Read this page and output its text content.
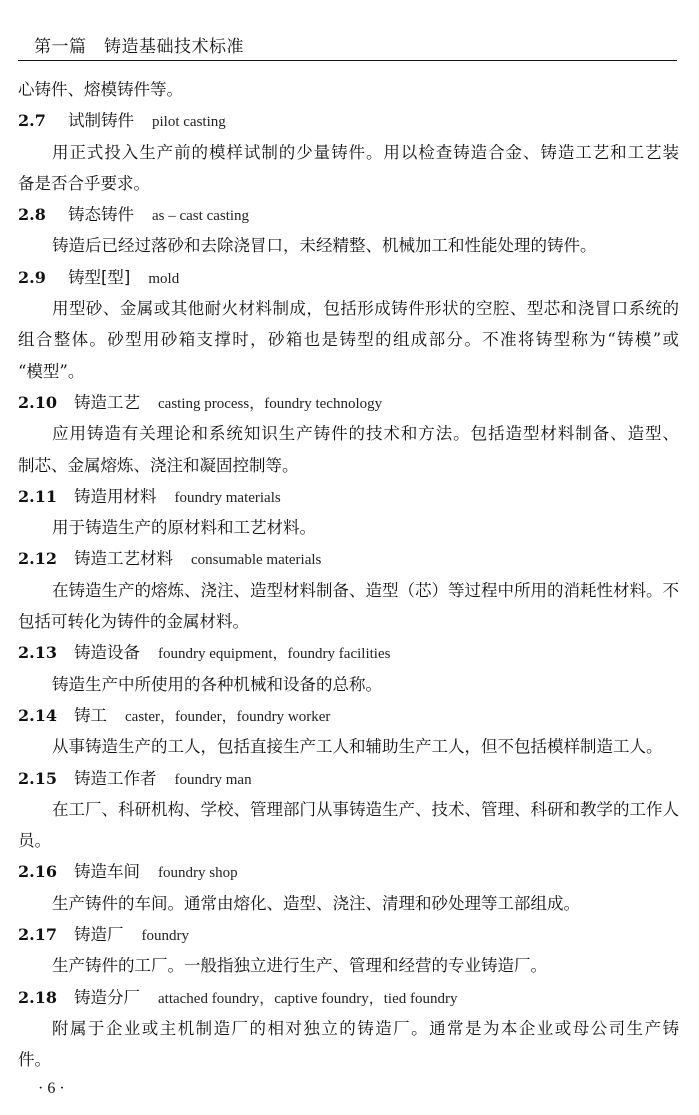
第一篇　铸造基础技术标准
心铸件、熔模铸件等。
2.7 试制铸件 pilot casting
用正式投入生产前的模样试制的少量铸件。用以检查铸造合金、铸造工艺和工艺装
备是否合乎要求。
2.8 铸态铸件 as – cast casting
铸造后已经过落砂和去除浇冒口，未经精整、机械加工和性能处理的铸件。
2.9 铸型[型] mold
用型砂、金属或其他耐火材料制成，包括形成铸件形状的空腔、型芯和浇冒口系统的
组合整体。砂型用砂箱支撑时，砂箱也是铸型的组成部分。不准将铸型称为“铸模”或
“模型”。
2.10 铸造工艺 casting process，foundry technology
应用铸造有关理论和系统知识生产铸件的技术和方法。包括造型材料制备、造型、
制芯、金属熔炼、浇注和凝固控制等。
2.11 铸造用材料 foundry materials
用于铸造生产的原材料和工艺材料。
2.12 铸造工艺材料 consumable materials
在铸造生产的熔炼、浇注、造型材料制备、造型（芯）等过程中所用的消耗性材料。不
包括可转化为铸件的金属材料。
2.13 铸造设备 foundry equipment，foundry facilities
铸造生产中所使用的各种机械和设备的总称。
2.14 铸工 caster，founder，foundry worker
从事铸造生产的工人，包括直接生产工人和辅助生产工人，但不包括模样制造工人。
2.15 铸造工作者 foundry man
在工厂、科研机构、学校、管理部门从事铸造生产、技术、管理、科研和教学的工作人
员。
2.16 铸造车间 foundry shop
生产铸件的车间。通常由熔化、造型、浇注、清理和砂处理等工部组成。
2.17 铸造厂 foundry
生产铸件的工厂。一般指独立进行生产、管理和经营的专业铸造厂。
2.18 铸造分厂 attached foundry，captive foundry，tied foundry
附属于企业或主机制造厂的相对独立的铸造厂。通常是为本企业或母公司生产铸
件。
· 6 ·
